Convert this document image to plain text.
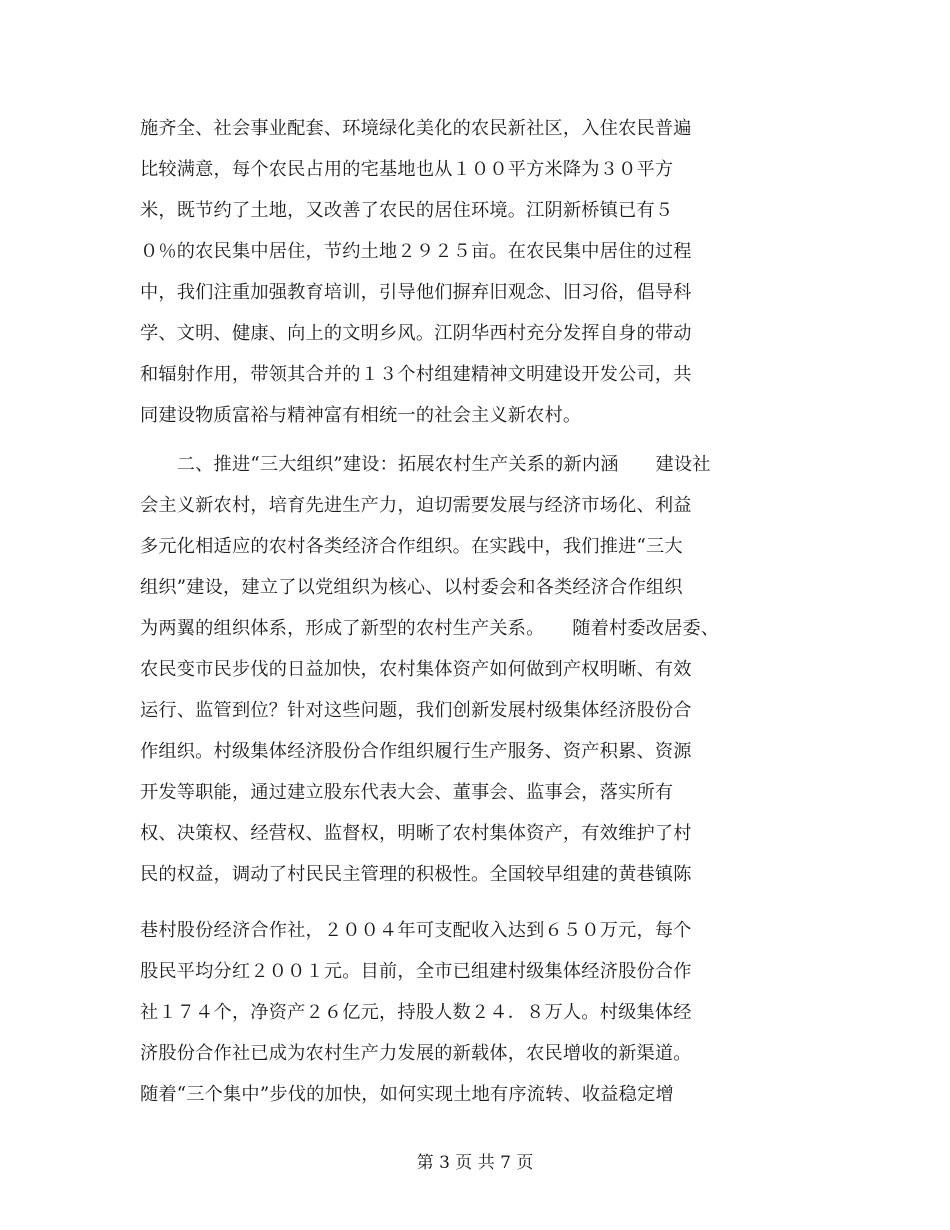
施齐全、社会事业配套、环境绿化美化的农民新社区，入住农民普遍
比较满意，每个农民占用的宅基地也从１００平方米降为３０平方
米，既节约了土地，又改善了农民的居住环境。江阴新桥镇已有５
０％的农民集中居住，节约土地２９２５亩。在农民集中居住的过程
中，我们注重加强教育培训，引导他们摒弃旧观念、旧习俗，倡导科
学、文明、健康、向上的文明乡风。江阴华西村充分发挥自身的带动
和辐射作用，带领其合并的１３个村组建精神文明建设开发公司，共
同建设物质富裕与精神富有相统一的社会主义新农村。
　　二、推进“三大组织”建设：拓展农村生产关系的新内涵　　建设社
会主义新农村，培育先进生产力，迫切需要发展与经济市场化、利益
多元化相适应的农村各类经济合作组织。在实践中，我们推进“三大
组织”建设，建立了以党组织为核心、以村委会和各类经济合作组织
为两翼的组织体系，形成了新型的农村生产关系。　　随着村委改居委、
农民变市民步伐的日益加快，农村集体资产如何做到产权明晰、有效
运行、监管到位？针对这些问题，我们创新发展村级集体经济股份合
作组织。村级集体经济股份合作组织履行生产服务、资产积累、资源
开发等职能，通过建立股东代表大会、董事会、监事会，落实所有
权、决策权、经营权、监督权，明晰了农村集体资产，有效维护了村
民的权益，调动了村民民主管理的积极性。全国较早组建的黄巷镇陈
巷村股份经济合作社，２００４年可支配收入达到６５０万元，每个
股民平均分红２００１元。目前，全市已组建村级集体经济股份合作
社１７４个，净资产２６亿元，持股人数２４．８万人。村级集体经
济股份合作社已成为农村生产力发展的新载体，农民增收的新渠道。
随着“三个集中”步伐的加快，如何实现土地有序流转、收益稳定增
第 3 页 共 7 页
